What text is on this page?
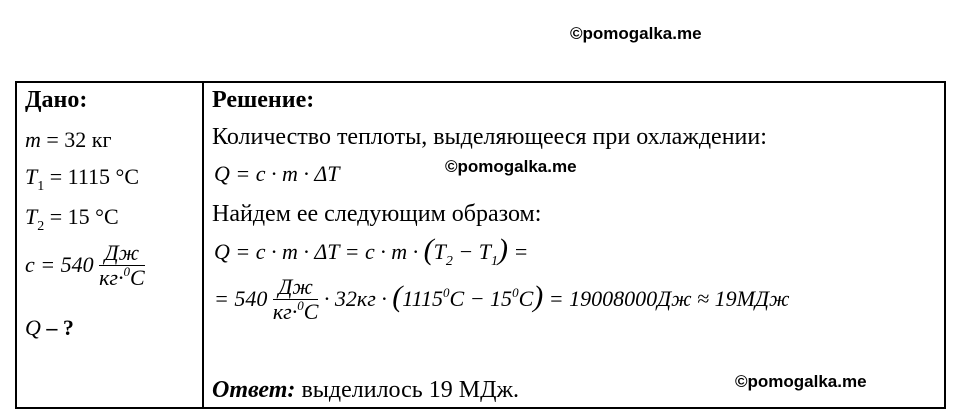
©pomogalka.me
Дано:
m = 32 кг
$T_1 = 1115$ °C
$T_2 = 15$ °C
$c = 540 \frac{Дж}{кг\cdot^0C}$
Q – ?
Решение:
Количество теплоты, выделяющееся при охлаждении:
Q = c · m · ΔT
Найдем ее следующим образом:
$Q = c \cdot m \cdot \Delta T = c \cdot m \cdot (T_2 - T_1)$ =
= $540 \frac{Дж}{кг\cdot^0C} \cdot 32кг \cdot (1115^0C - 15^0C) = 19008000Дж \approx 19МДж$
Ответ: выделилось 19 МДж.
©pomogalka.me
©pomogalka.me
